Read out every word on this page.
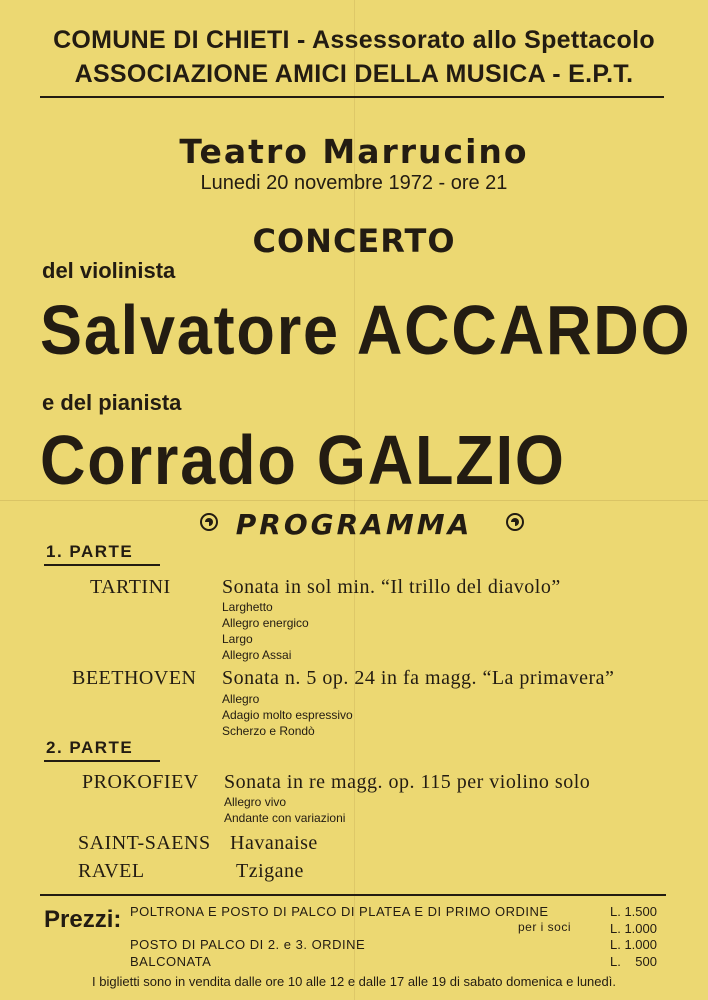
COMUNE DI CHIETI - Assessorato allo Spettacolo
ASSOCIAZIONE AMICI DELLA MUSICA - E.P.T.
Teatro Marrucino
Lunedi 20 novembre 1972 - ore 21
CONCERTO
del violinista
Salvatore ACCARDO
e del pianista
Corrado GALZIO
PROGRAMMA
1. PARTE
TARTINI	Sonata in sol min. “Il trillo del diavolo”
Larghetto
Allegro energico
Largo
Allegro Assai
BEETHOVEN Sonata n. 5 op. 24 in fa magg. “La primavera”
Allegro
Adagio molto espressivo
Scherzo e Rondò
2. PARTE
PROKOFIEV Sonata in re magg. op. 115 per violino solo
Allegro vivo
Andante con variazioni
SAINT-SAENS Havanaise
RAVEL	Tzigane
Prezzi: POLTRONA E POSTO DI PALCO DI PLATEA E DI PRIMO ORDINE	L. 1.500
per i soci	L. 1.000
POSTO DI PALCO DI 2. e 3. ORDINE	L. 1.000
BALCONATA	L.    500
I biglietti sono in vendita dalle ore 10 alle 12 e dalle 17 alle 19 di sabato domenica e lunedì.
